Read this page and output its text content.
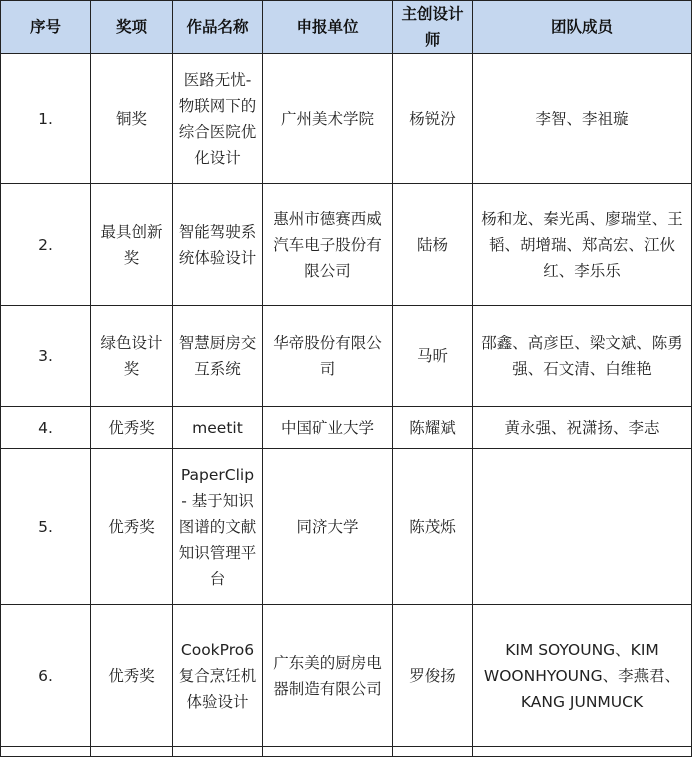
序号	奖项	作品名称	申报单位	主创设计师	团队成员
1.	铜奖	医路无忧-物联网下的综合医院优化设计	广州美术学院	杨锐汾	李智、李祖璇
2.	最具创新奖	智能驾驶系统体验设计	惠州市德赛西威汽车电子股份有限公司	陆杨	杨和龙、秦光禹、廖瑞堂、王韬、胡增瑞、郑高宏、江伙红、李乐乐
3.	绿色设计奖	智慧厨房交互系统	华帝股份有限公司	马昕	邵鑫、高彦臣、梁文斌、陈勇强、石文清、白维艳
4.	优秀奖	meetit	中国矿业大学	陈耀斌	黄永强、祝潇扬、李志
5.	优秀奖	PaperClip - 基于知识图谱的文献知识管理平台	同济大学	陈茂烁	
6.	优秀奖	CookPro6 复合烹饪机体验设计	广东美的厨房电器制造有限公司	罗俊扬	KIM SOYOUNG、KIM WOONHYOUNG、李燕君、KANG JUNMUCK
